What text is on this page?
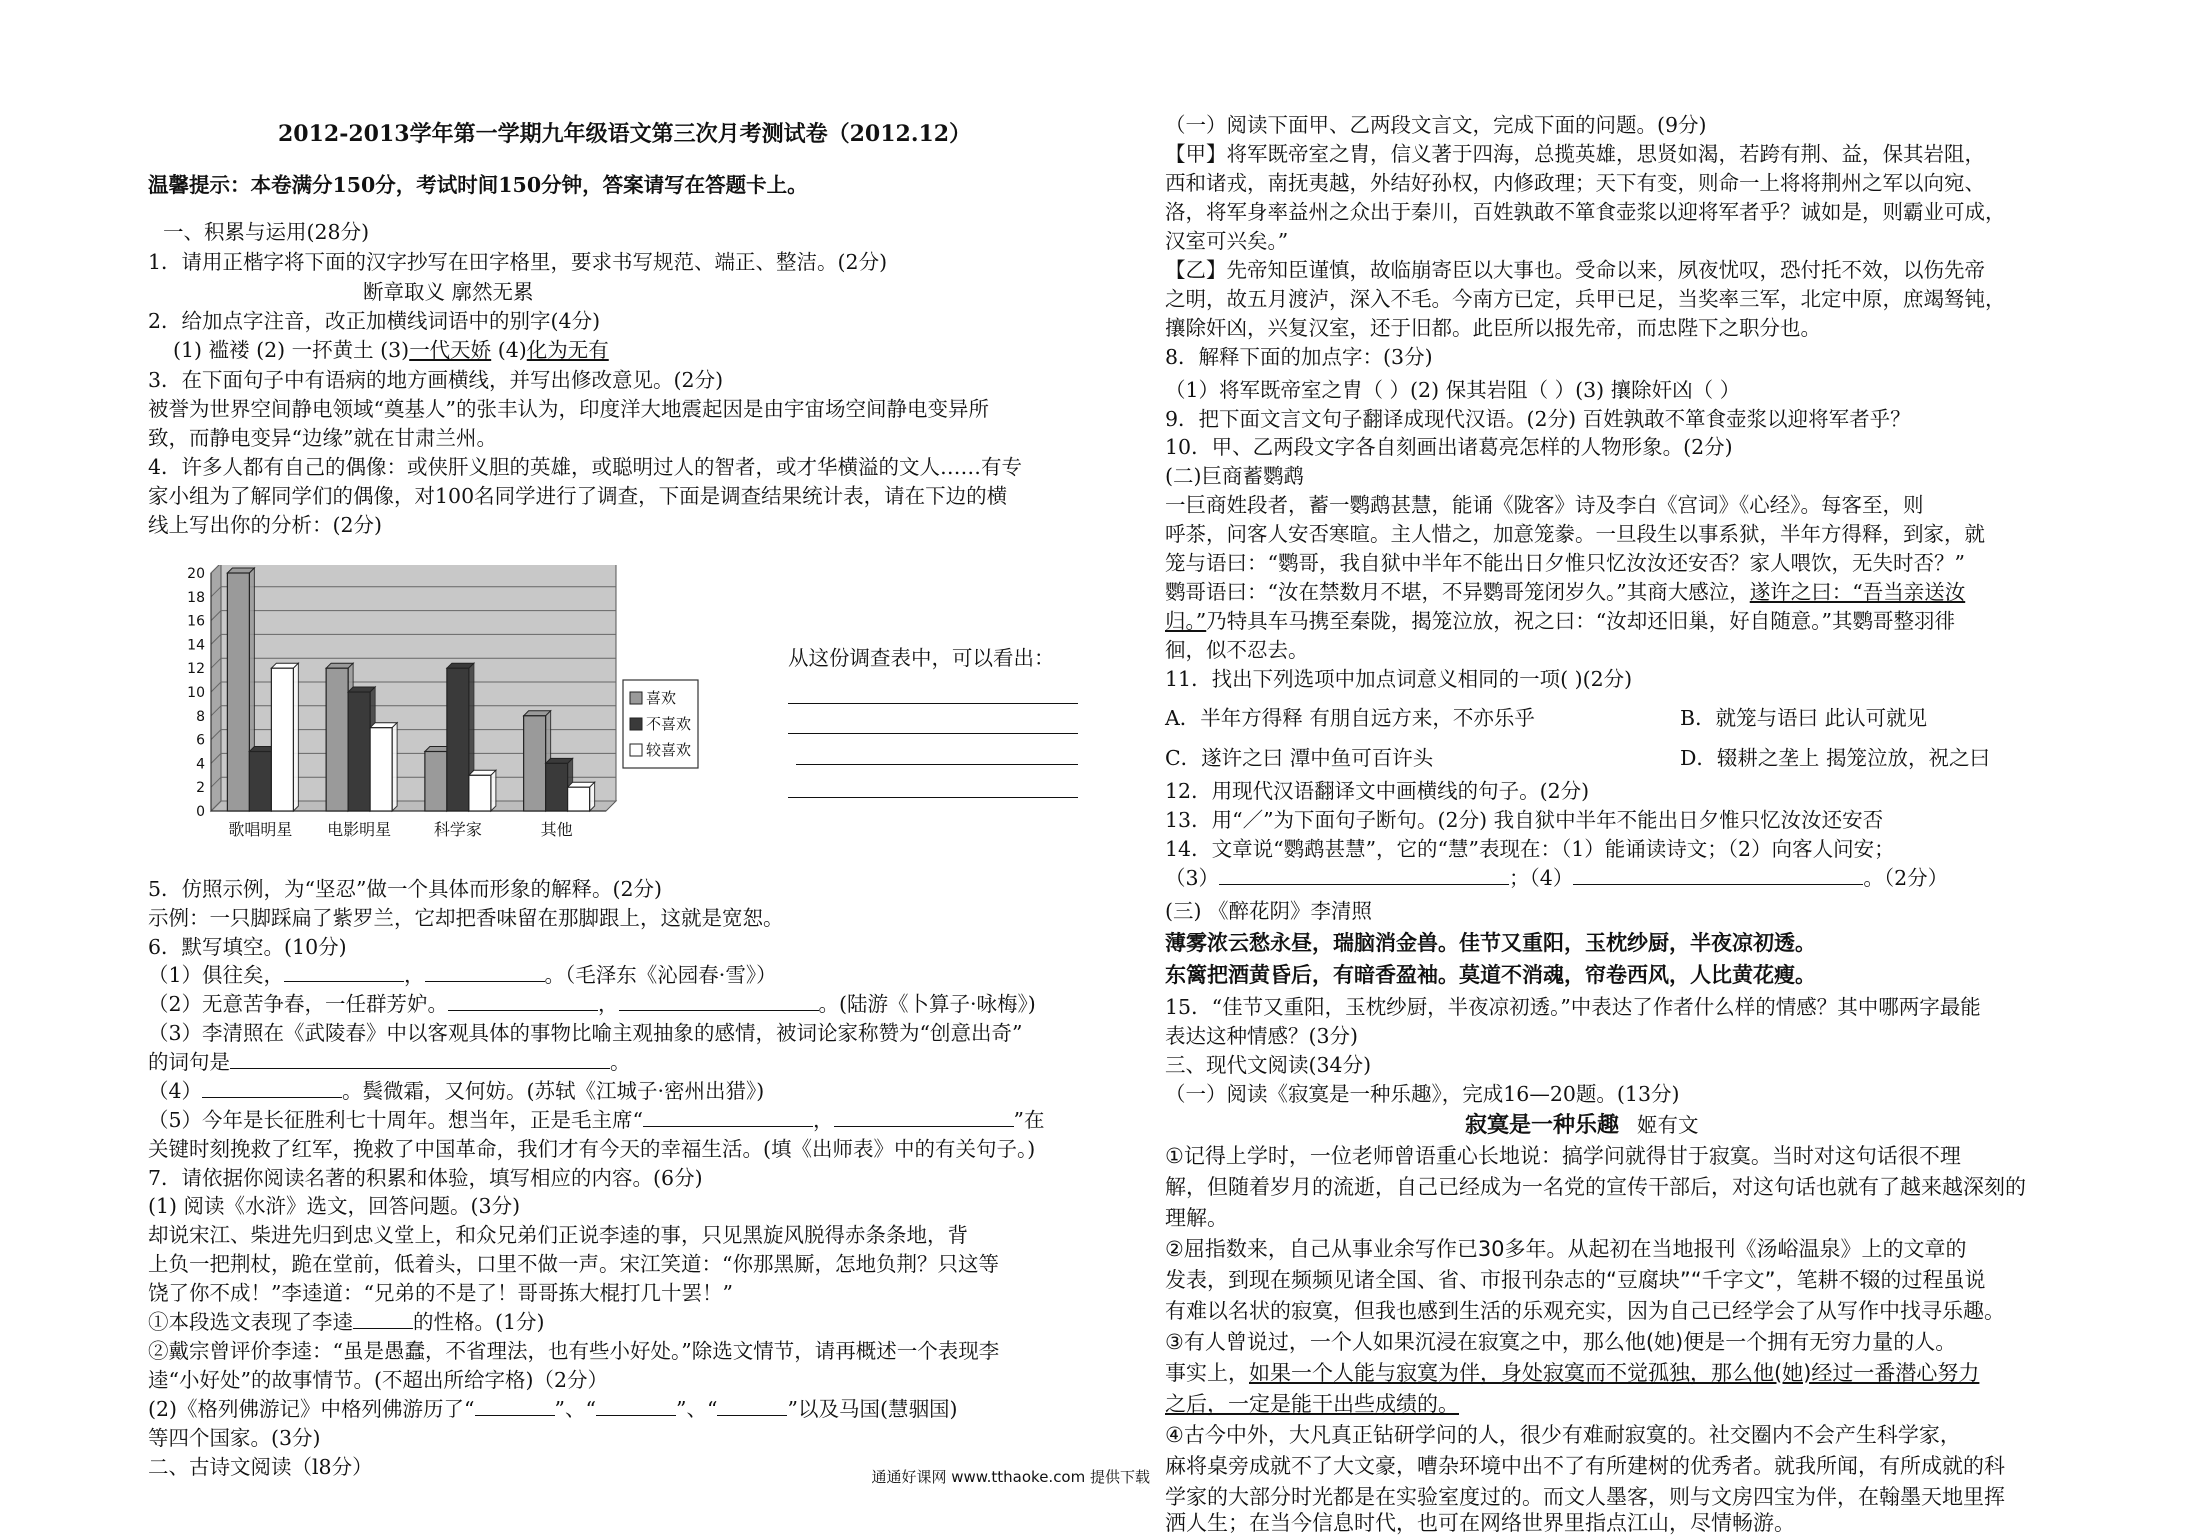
2012-2013学年第一学期九年级语文第三次月考测试卷（2012.12）
温馨提示：本卷满分150分，考试时间150分钟，答案请写在答题卡上。
一、积累与运用(28分)
1．请用正楷字将下面的汉字抄写在田字格里，要求书写规范、端正、整洁。(2分)
断章取义 廓然无累
2．给加点字注音，改正加横线词语中的别字(4分)
(1) 褴褛 (2) 一抔黄土 (3)一代天娇 (4)化为无有
3．在下面句子中有语病的地方画横线，并写出修改意见。(2分)
被誉为世界空间静电领域“奠基人”的张丰认为，印度洋大地震起因是由宇宙场空间静电变异所
致，而静电变异“边缘”就在甘肃兰州。
4．许多人都有自己的偶像：或侠肝义胆的英雄，或聪明过人的智者，或才华横溢的文人……有专
家小组为了解同学们的偶像，对100名同学进行了调查，下面是调查结果统计表，请在下边的横
线上写出你的分析：(2分)
0
2
4
6
8
10
12
14
16
18
20
歌唱明星 电影明星	科学家	其他
喜欢
不喜欢
较喜欢
从这份调查表中，可以看出：
5．仿照示例，为“坚忍”做一个具体而形象的解释。(2分)
示例：一只脚踩扁了紫罗兰，它却把香味留在那脚跟上，这就是宽恕。
6．默写填空。(10分)
（1）俱往矣，	，	。（毛泽东《沁园春·雪》）
（2）无意苦争春，一任群芳妒。	，	。(陆游《卜算子·咏梅》)
（3）李清照在《武陵春》中以客观具体的事物比喻主观抽象的感情，被词论家称赞为“创意出奇”
的词句是	。
（4）	。鬓微霜，又何妨。(苏轼《江城子·密州出猎》)
（5）今年是长征胜利七十周年。想当年，正是毛主席“	，	”在
关键时刻挽救了红军，挽救了中国革命，我们才有今天的幸福生活。(填《出师表》中的有关句子。)
7．请依据你阅读名著的积累和体验，填写相应的内容。(6分)
(1) 阅读《水浒》选文，回答问题。(3分)
却说宋江、柴进先归到忠义堂上，和众兄弟们正说李逵的事，只见黑旋风脱得赤条条地，背
上负一把荆杖，跪在堂前，低着头，口里不做一声。宋江笑道：“你那黑厮，怎地负荆？只这等
饶了你不成！”李逵道：“兄弟的不是了！哥哥拣大棍打几十罢！”
①本段选文表现了李逵	的性格。(1分)
②戴宗曾评价李逵：“虽是愚蠢，不省理法，也有些小好处。”除选文情节，请再概述一个表现李
逵“小好处”的故事情节。(不超出所给字格)（2分）
(2)《格列佛游记》中格列佛游历了“	”、“	”、“	”以及马国(慧骃国)
等四个国家。(3分)
二、古诗文阅读（l8分）
（一）阅读下面甲、乙两段文言文，完成下面的问题。(9分)
【甲】将军既帝室之胄，信义著于四海，总揽英雄，思贤如渴，若跨有荆、益，保其岩阻，
西和诸戎，南抚夷越，外结好孙权，内修政理；天下有变，则命一上将将荆州之军以向宛、
洛，将军身率益州之众出于秦川，百姓孰敢不箪食壶浆以迎将军者乎？诚如是，则霸业可成，
汉室可兴矣。”
【乙】先帝知臣谨慎，故临崩寄臣以大事也。受命以来，夙夜忧叹，恐付托不效，以伤先帝
之明，故五月渡泸，深入不毛。今南方已定，兵甲已足，当奖率三军，北定中原，庶竭驽钝，
攘除奸凶，兴复汉室，还于旧都。此臣所以报先帝，而忠陛下之职分也。
8．解释下面的加点字：(3分)
（1）将军既帝室之胄（ ）(2) 保其岩阻（ ）(3) 攘除奸凶（ ）
9．把下面文言文句子翻译成现代汉语。(2分) 百姓孰敢不箪食壶浆以迎将军者乎？
10．甲、乙两段文字各自刻画出诸葛亮怎样的人物形象。(2分)
(二)巨商蓄鹦鹉
一巨商姓段者，蓄一鹦鹉甚慧，能诵《陇客》诗及李白《宫词》《心经》。每客至，则
呼茶，问客人安否寒暄。主人惜之，加意笼豢。一旦段生以事系狱，半年方得释，到家，就
笼与语曰：“鹦哥，我自狱中半年不能出日夕惟只忆汝汝还安否？家人喂饮，无失时否？”
鹦哥语曰：“汝在禁数月不堪，不异鹦哥笼闭岁久。”其商大感泣，遂许之曰：“吾当亲送汝
归。”乃特具车马携至秦陇，揭笼泣放，祝之曰：“汝却还旧巢，好自随意。”其鹦哥整羽徘
徊，似不忍去。
11．找出下列选项中加点词意义相同的一项( )(2分)
A．半年方得释 有朋自远方来，不亦乐乎	B．就笼与语曰 此认可就见
C．遂许之曰 潭中鱼可百许头	D．辍耕之垄上 揭笼泣放，祝之曰
12．用现代汉语翻译文中画横线的句子。(2分)
13．用“／”为下面句子断句。(2分) 我自狱中半年不能出日夕惟只忆汝汝还安否
14．文章说“鹦鹉甚慧”，它的“慧”表现在：（1）能诵读诗文；（2）向客人问安；
（3）	；（4）	。（2分）
(三) 《醉花阴》李清照
薄雾浓云愁永昼，瑞脑消金兽。佳节又重阳，玉枕纱厨，半夜凉初透。
东篱把酒黄昏后，有暗香盈袖。莫道不消魂，帘卷西风，人比黄花瘦。
15．“佳节又重阳，玉枕纱厨，半夜凉初透。”中表达了作者什么样的情感？其中哪两字最能
表达这种情感？(3分)
三、现代文阅读(34分)
（一）阅读《寂寞是一种乐趣》，完成16—20题。(13分)
寂寞是一种乐趣 姬有文
①记得上学时，一位老师曾语重心长地说：搞学问就得甘于寂寞。当时对这句话很不理
解，但随着岁月的流逝，自己已经成为一名党的宣传干部后，对这句话也就有了越来越深刻的
理解。
②屈指数来，自己从事业余写作已30多年。从起初在当地报刊《汤峪温泉》上的文章的
发表，到现在频频见诸全国、省、市报刊杂志的“豆腐块”“千字文”，笔耕不辍的过程虽说
有难以名状的寂寞，但我也感到生活的乐观充实，因为自己已经学会了从写作中找寻乐趣。
③有人曾说过，一个人如果沉浸在寂寞之中，那么他(她)便是一个拥有无穷力量的人。
事实上，如果一个人能与寂寞为伴，身处寂寞而不觉孤独，那么他(她)经过一番潜心努力
之后，一定是能干出些成绩的。
④古今中外，大凡真正钻研学问的人，很少有难耐寂寞的。社交圈内不会产生科学家，
麻将桌旁成就不了大文豪，嘈杂环境中出不了有所建树的优秀者。就我所闻，有所成就的科
学家的大部分时光都是在实验室度过的。而文人墨客，则与文房四宝为伴，在翰墨天地里挥
洒人生；在当今信息时代，也可在网络世界里指点江山，尽情畅游。
通通好课网 www.tthaoke.com 提供下载
